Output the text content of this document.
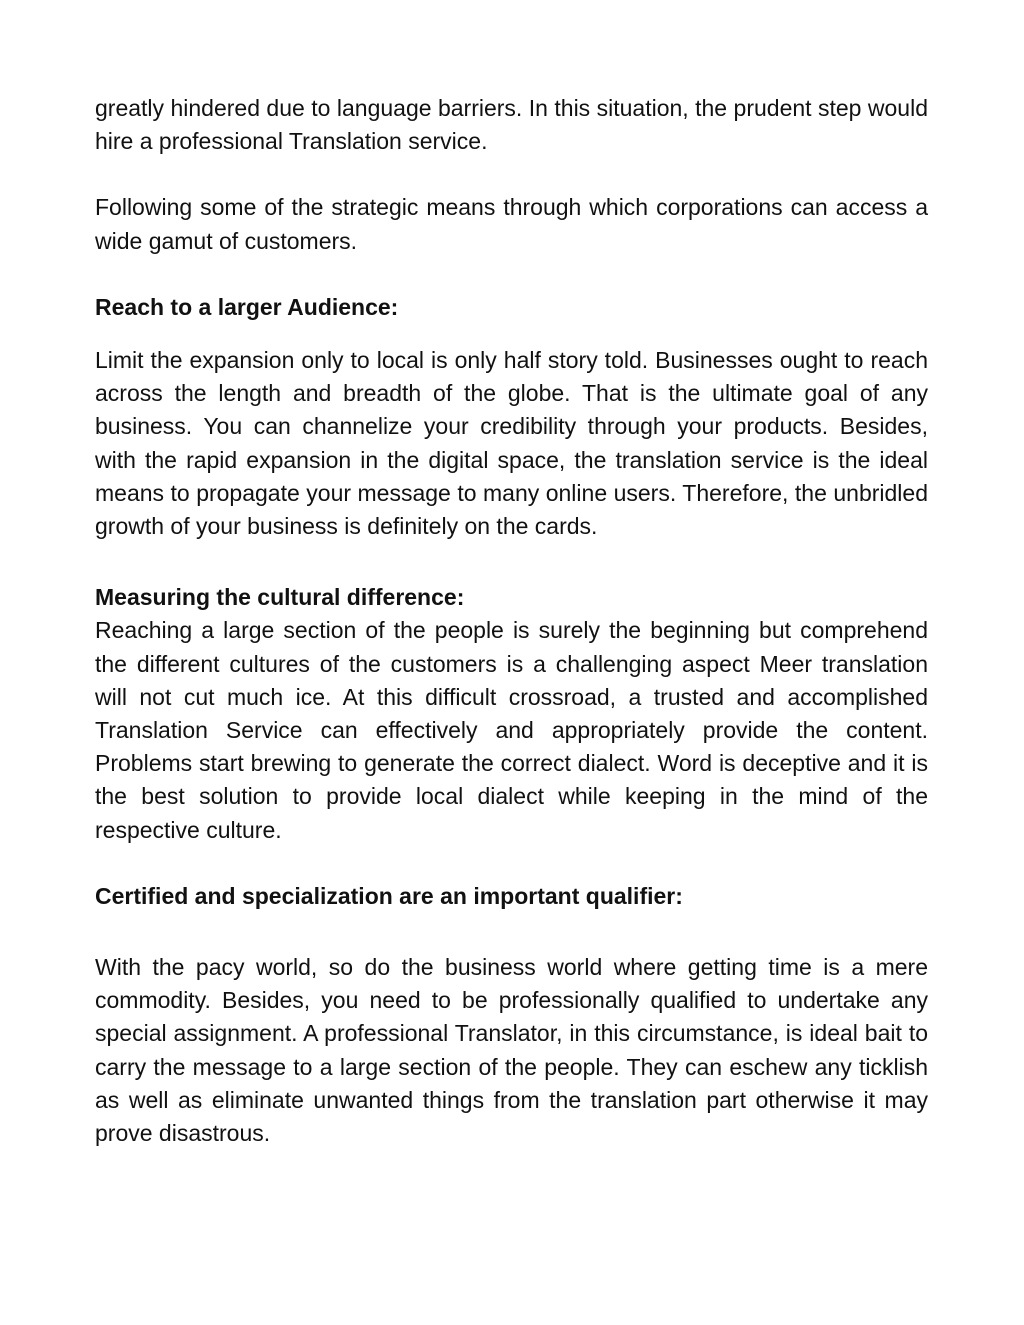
greatly hindered due to language barriers. In this situation, the prudent step would hire a professional Translation service.

Following some of the strategic means through which corporations can access a wide gamut of customers.

Reach to a larger Audience:

Limit the expansion only to local is only half story told. Businesses ought to reach across the length and breadth of the globe. That is the ultimate goal of any business. You can channelize your credibility through your products. Besides, with the rapid expansion in the digital space, the translation service is the ideal means to propagate your message to many online users. Therefore, the unbridled growth of your business is definitely on the cards.

Measuring the cultural difference:

Reaching a large section of the people is surely the beginning but comprehend the different cultures of the customers is a challenging aspect Meer translation will not cut much ice. At this difficult crossroad, a trusted and accomplished Translation Service can effectively and appropriately provide the content. Problems start brewing to generate the correct dialect. Word is deceptive and it is the best solution to provide local dialect while keeping in the mind of the respective culture.

Certified and specialization are an important qualifier:

With the pacy world, so do the business world where getting time is a mere commodity. Besides, you need to be professionally qualified to undertake any special assignment. A professional Translator, in this circumstance, is ideal bait to carry the message to a large section of the people. They can eschew any ticklish as well as eliminate unwanted things from the translation part otherwise it may prove disastrous.
